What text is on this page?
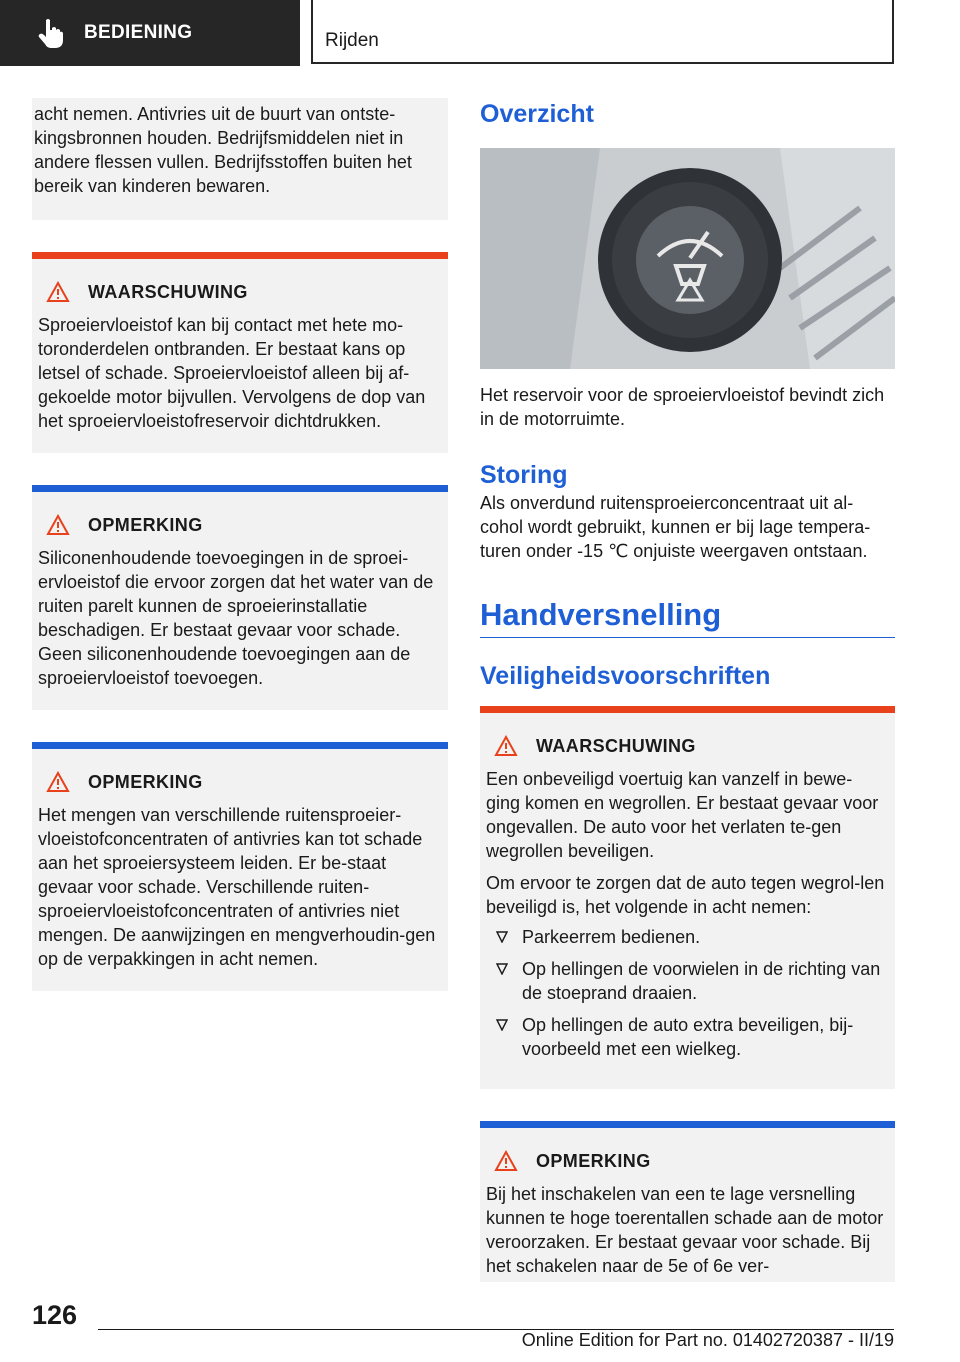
BEDIENING	Rijden

acht nemen. Antivries uit de buurt van ontste-kingsbronnen houden. Bedrijfsmiddelen niet in andere flessen vullen. Bedrijfsstoffen buiten het bereik van kinderen bewaren.

WAARSCHUWING

Sproeiervloeistof kan bij contact met hete mo-toronderdelen ontbranden. Er bestaat kans op letsel of schade. Sproeiervloeistof alleen bij af-gekoelde motor bijvullen. Vervolgens de dop van het sproeiervloeistofreservoir dichtdrukken.

OPMERKING

Siliconenhoudende toevoegingen in de sproei-ervloeistof die ervoor zorgen dat het water van de ruiten parelt kunnen de sproeierinstallatie beschadigen. Er bestaat gevaar voor schade. Geen siliconenhoudende toevoegingen aan de sproeiervloeistof toevoegen.

OPMERKING

Het mengen van verschillende ruitensproeier-vloeistofconcentraten of antivries kan tot schade aan het sproeiersysteem leiden. Er be-staat gevaar voor schade. Verschillende ruiten-sproeiervloeistofconcentraten of antivries niet mengen. De aanwijzingen en mengverhoudin-gen op de verpakkingen in acht nemen.

Overzicht

Het reservoir voor de sproeiervloeistof bevindt zich in de motorruimte.

Storing

Als onverdund ruitensproeierconcentraat uit al-cohol wordt gebruikt, kunnen er bij lage tempera-turen onder -15 ℃ onjuiste weergaven ontstaan.

Handversnelling
Veiligheidsvoorschriften
WAARSCHUWING

Een onbeveiligd voertuig kan vanzelf in bewe-ging komen en wegrollen. Er bestaat gevaar voor ongevallen. De auto voor het verlaten te-gen wegrollen beveiligen.

Om ervoor te zorgen dat de auto tegen wegrol-len beveiligd is, het volgende in acht nemen:

Parkeerrem bedienen.
Op hellingen de voorwielen in de richting van de stoeprand draaien.
Op hellingen de auto extra beveiligen, bij-voorbeeld met een wielkeg.
OPMERKING

Bij het inschakelen van een te lage versnelling kunnen te hoge toerentallen schade aan de motor veroorzaken. Er bestaat gevaar voor schade. Bij het schakelen naar de 5e of 6e ver-

126
Online Edition for Part no. 01402720387 - II/19
